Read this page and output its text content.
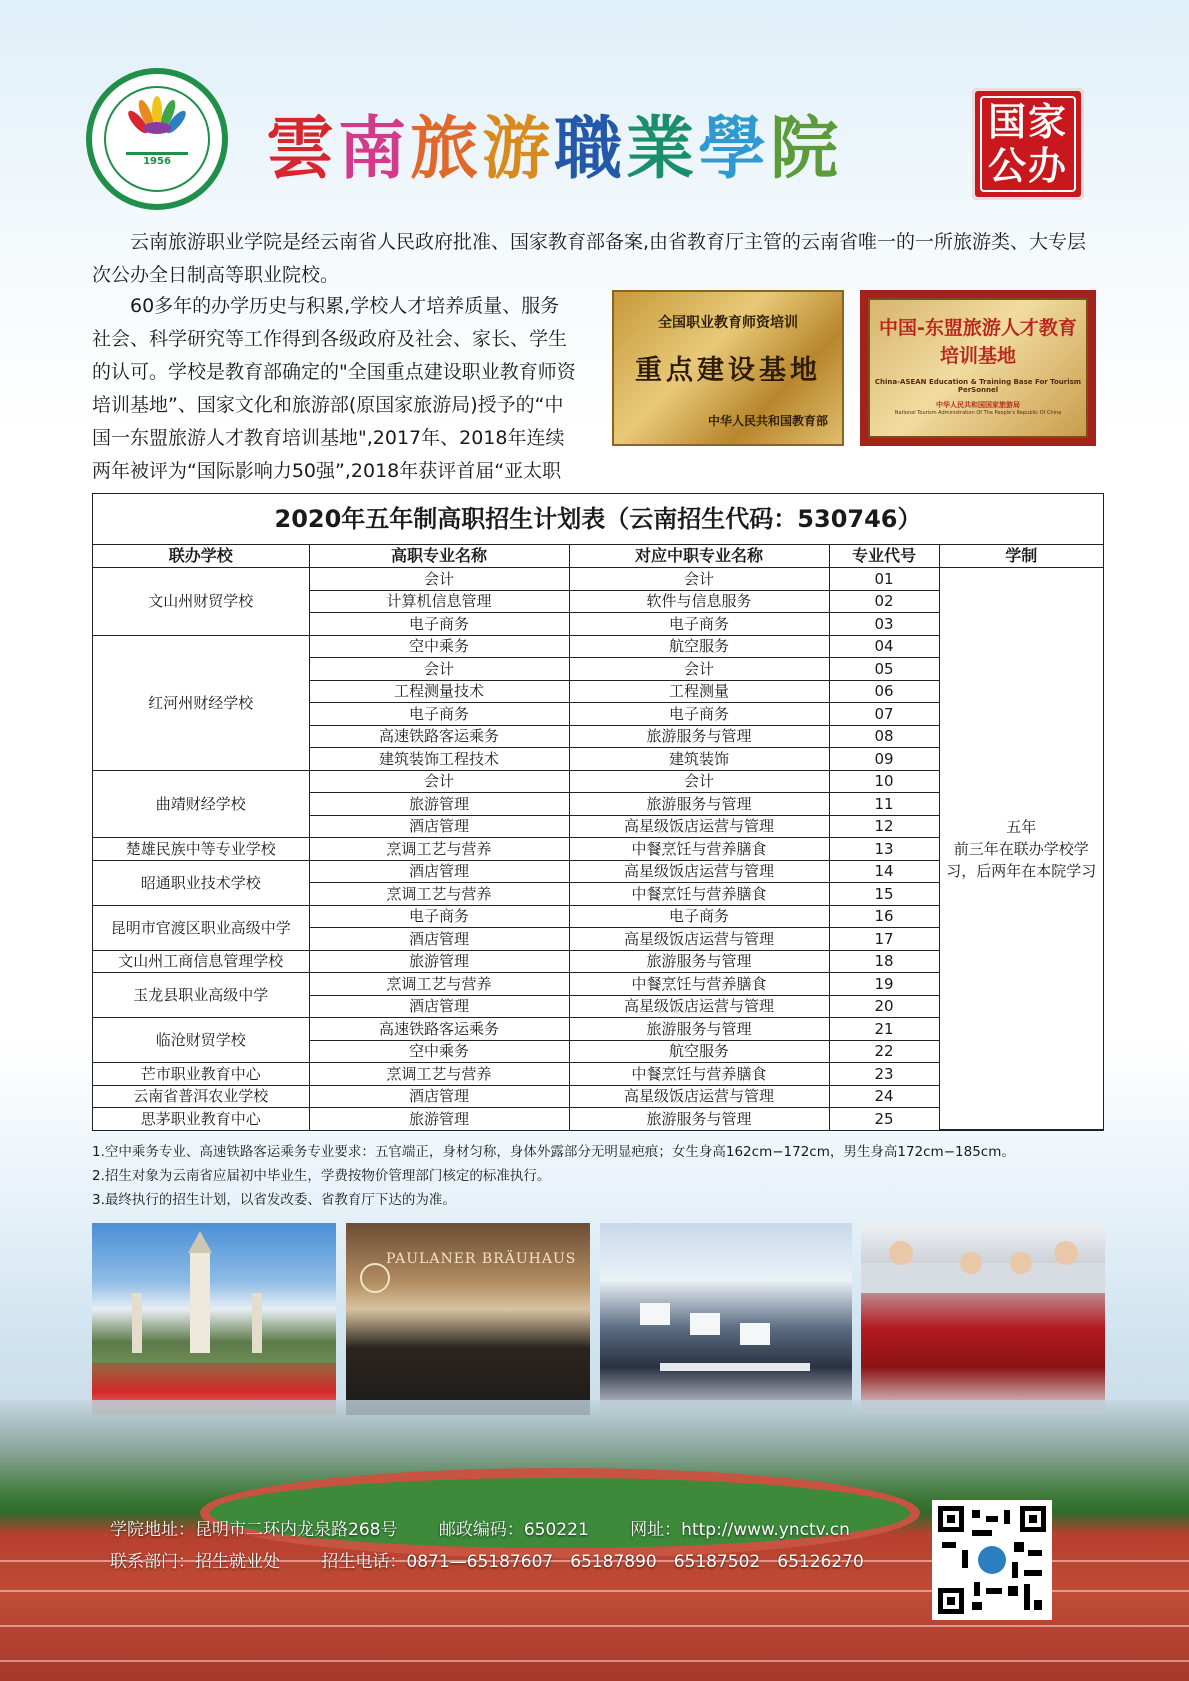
1956	雲南旅游職業學院	国家公办
云南旅游职业学院是经云南省人民政府批准、国家教育部备案,由省教育厅主管的云南省唯一的一所旅游类、大专层次公办全日制高等职业院校。
60多年的办学历史与积累,学校人才培养质量、服务社会、科学研究等工作得到各级政府及社会、家长、学生的认可。学校是教育部确定的"全国重点建设职业教育师资培训基地”、国家文化和旅游部(原国家旅游局)授予的“中国一东盟旅游人才教育培训基地",2017年、2018年连续两年被评为“国际影响力50强”,2018年获评首届“亚太职
全国职业教育师资培训
重点建设基地
中华人民共和国教育部
中国-东盟旅游人才教育培训基地
China-ASEAN Education & Training Base For Tourism PerSonnel
中华人民共和国国家旅游局
National Tourism Administration Of The People's Republic Of China
2020年五年制高职招生计划表（云南招生代码：530746）
联办学校	高职专业名称	对应中职专业名称	专业代号	学制
文山州财贸学校	会计	会计	01	五年
前三年在联办学校学习，后两年在本院学习

	计算机信息管理	软件与信息服务	02	
	电子商务	电子商务	03	
红河州财经学校	空中乘务	航空服务	04	
	会计	会计	05	
	工程测量技术	工程测量	06	
	电子商务	电子商务	07	
	高速铁路客运乘务	旅游服务与管理	08	
	建筑装饰工程技术	建筑装饰	09	
曲靖财经学校	会计	会计	10	
	旅游管理	旅游服务与管理	11	
	酒店管理	高星级饭店运营与管理	12	
楚雄民族中等专业学校	烹调工艺与营养	中餐烹饪与营养膳食	13	
昭通职业技术学校	酒店管理	高星级饭店运营与管理	14	
	烹调工艺与营养	中餐烹饪与营养膳食	15	
昆明市官渡区职业高级中学	电子商务	电子商务	16	
	酒店管理	高星级饭店运营与管理	17	
文山州工商信息管理学校	旅游管理	旅游服务与管理	18	
玉龙县职业高级中学	烹调工艺与营养	中餐烹饪与营养膳食	19	
	酒店管理	高星级饭店运营与管理	20	
临沧财贸学校	高速铁路客运乘务	旅游服务与管理	21	
	空中乘务	航空服务	22	
芒市职业教育中心	烹调工艺与营养	中餐烹饪与营养膳食	23	
云南省普洱农业学校	酒店管理	高星级饭店运营与管理	24	
思茅职业教育中心	旅游管理	旅游服务与管理	25	
1.空中乘务专业、高速铁路客运乘务专业要求：五官端正，身材匀称，身体外露部分无明显疤痕；女生身高162cm−172cm，男生身高172cm−185cm。
2.招生对象为云南省应届初中毕业生，学费按物价管理部门核定的标准执行。
3.最终执行的招生计划，以省发改委、省教育厅下达的为准。
PAULANER BRÄUHAUS
学院地址：昆明市二环内龙泉路268号 邮政编码：650221 网址：http://www.ynctv.cn
联系部门：招生就业处 招生电话：0871—65187607　65187890　65187502　65126270
